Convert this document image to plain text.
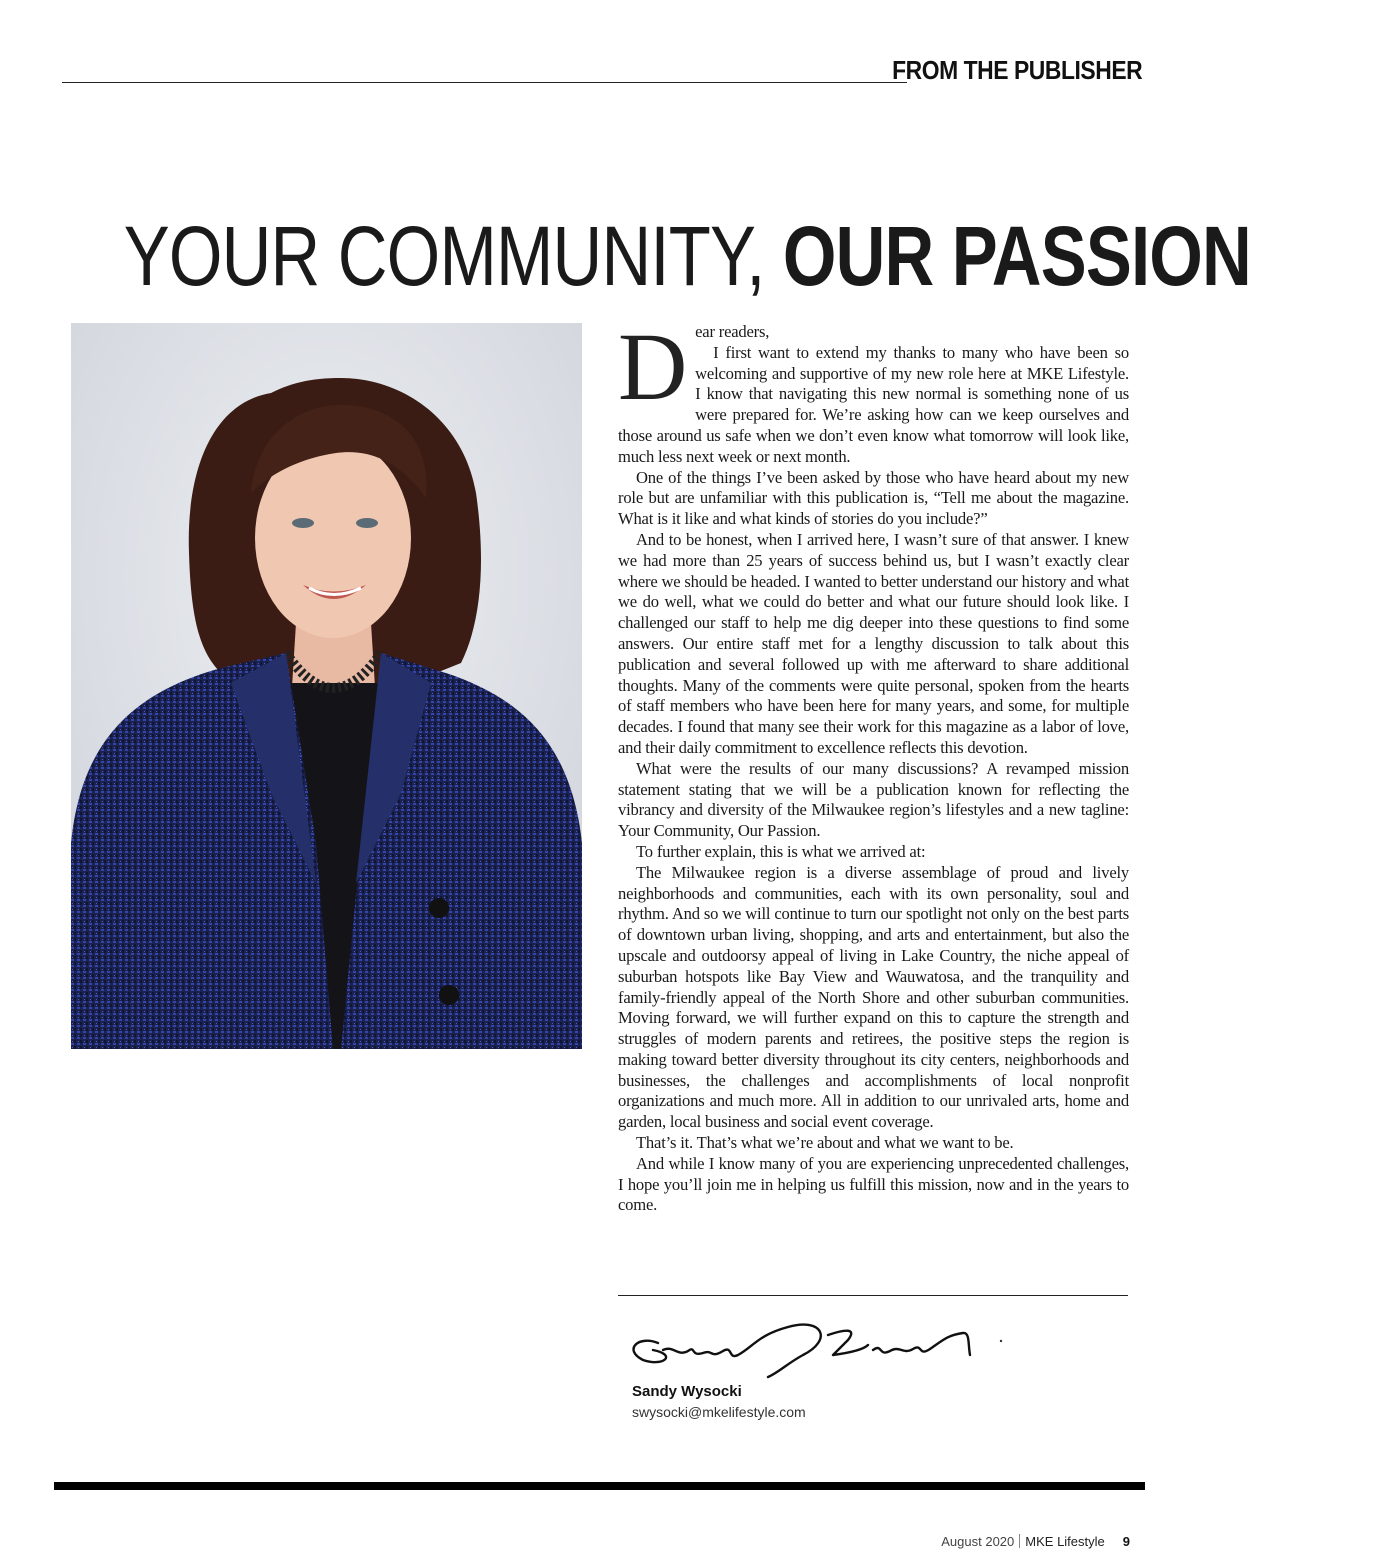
FROM THE PUBLISHER
YOUR COMMUNITY, OUR PASSION

D ear readers,
I first want to extend my thanks to many who have been so welcoming and supportive of my new role here at MKE Lifestyle. I know that navigating this new normal is something none of us were prepared for. We’re asking how can we keep ourselves and those around us safe when we don’t even know what tomorrow will look like, much less next week or next month.

One of the things I’ve been asked by those who have heard about my new role but are unfamiliar with this publication is, “Tell me about the magazine. What is it like and what kinds of stories do you include?”

And to be honest, when I arrived here, I wasn’t sure of that answer. I knew we had more than 25 years of success behind us, but I wasn’t exactly clear where we should be headed. I wanted to better understand our history and what we do well, what we could do better and what our future should look like. I challenged our staff to help me dig deeper into these questions to find some answers. Our entire staff met for a lengthy discussion to talk about this publication and several followed up with me afterward to share additional thoughts. Many of the comments were quite personal, spoken from the hearts of staff members who have been here for many years, and some, for multiple decades. I found that many see their work for this magazine as a labor of love, and their daily commitment to excellence reflects this devotion.

What were the results of our many discussions? A revamped mission statement stating that we will be a publication known for reflecting the vibrancy and diversity of the Milwaukee region’s lifestyles and a new tagline: Your Community, Our Passion.

To further explain, this is what we arrived at:

The Milwaukee region is a diverse assemblage of proud and lively neighborhoods and communities, each with its own personality, soul and rhythm. And so we will continue to turn our spotlight not only on the best parts of downtown urban living, shopping, and arts and entertainment, but also the upscale and outdoorsy appeal of living in Lake Country, the niche appeal of suburban hotspots like Bay View and Wauwatosa, and the tranquility and family-friendly appeal of the North Shore and other suburban communities. Moving forward, we will further expand on this to capture the strength and struggles of modern parents and retirees, the positive steps the region is making toward better diversity throughout its city centers, neighborhoods and businesses, the challenges and accomplishments of local nonprofit organizations and much more. All in addition to our unrivaled arts, home and garden, local business and social event coverage.

That’s it. That’s what we’re about and what we want to be.

And while I know many of you are experiencing unprecedented challenges, I hope you’ll join me in helping us fulfill this mission, now and in the years to come.

Sandy Wysocki
swysocki@mkelifestyle.com
August 2020 MKE Lifestyle 9
